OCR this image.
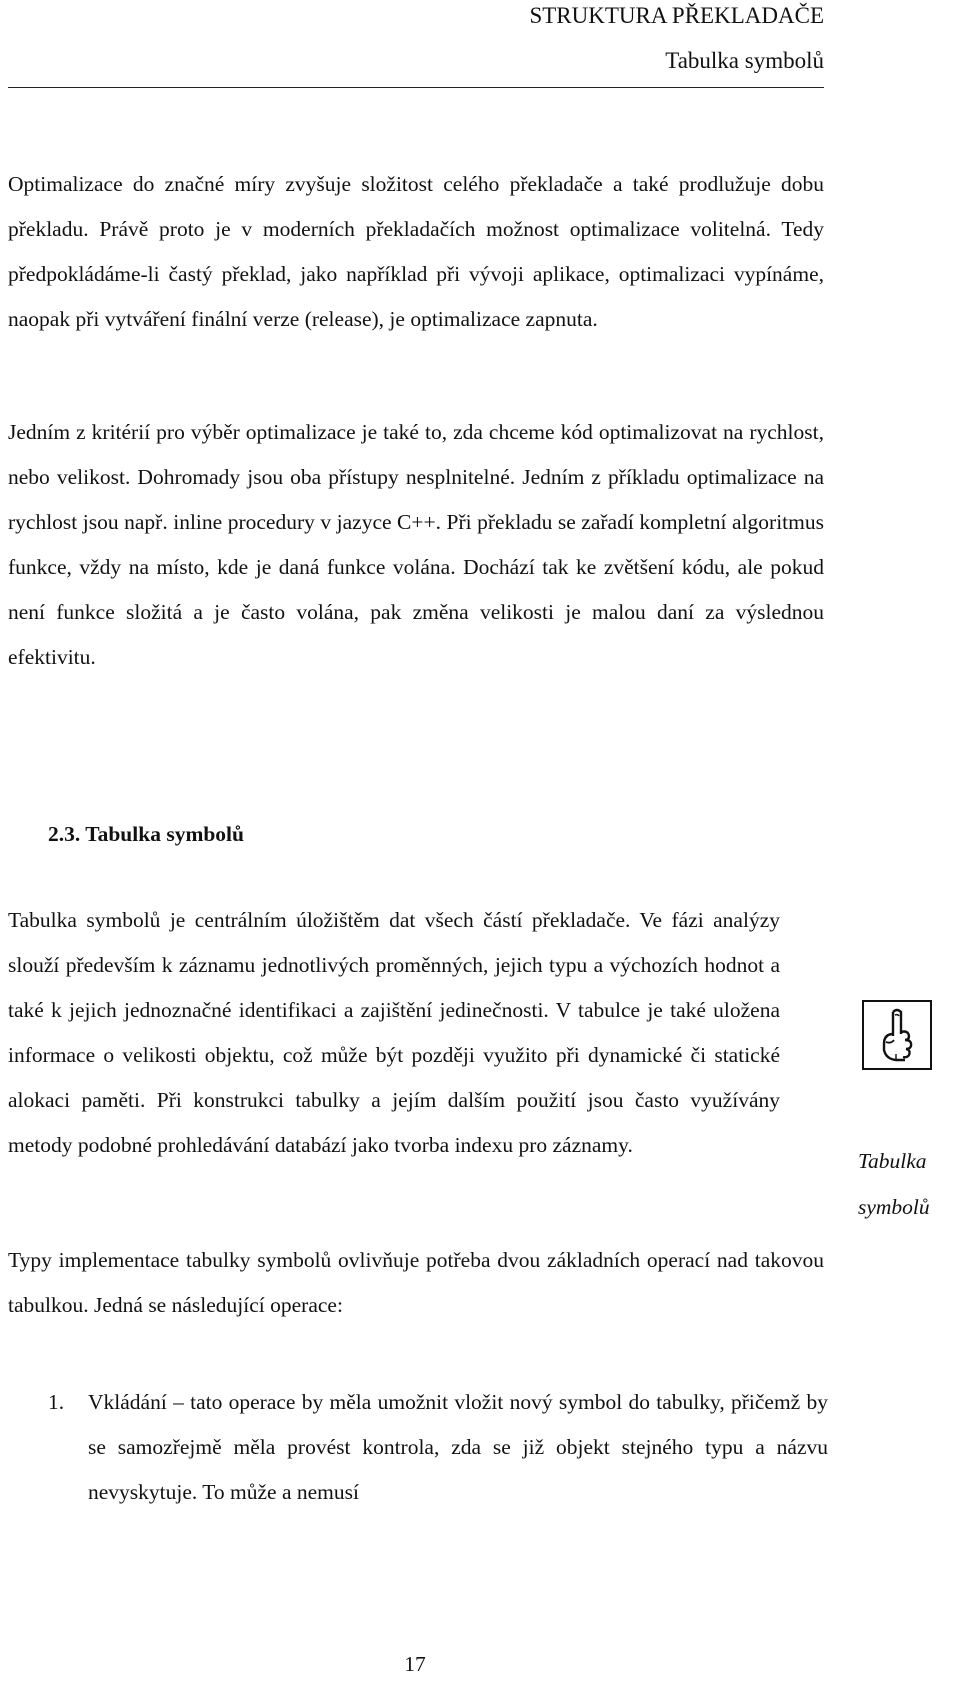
STRUKTURA PŘEKLADAČE
Tabulka symbolů

Optimalizace do značné míry zvyšuje složitost celého překladače a také prodlužuje dobu překladu. Právě proto je v moderních překladačích možnost optimalizace volitelná. Tedy předpokládáme-li častý překlad, jako například při vývoji aplikace, optimalizaci vypínáme, naopak při vytváření finální verze (release), je optimalizace zapnuta.

Jedním z kritérií pro výběr optimalizace je také to, zda chceme kód optimalizovat na rychlost, nebo velikost. Dohromady jsou oba přístupy nesplnitelné. Jedním z příkladu optimalizace na rychlost jsou např. inline procedury v jazyce C++. Při překladu se zařadí kompletní algoritmus funkce, vždy na místo, kde je daná funkce volána. Dochází tak ke zvětšení kódu, ale pokud není funkce složitá a je často volána, pak změna velikosti je malou daní za výslednou efektivitu.

2.3. Tabulka symbolů

Tabulka symbolů je centrálním úložištěm dat všech částí překladače. Ve fázi analýzy slouží především k záznamu jednotlivých proměnných, jejich typu a výchozích hodnot a také k jejich jednoznačné identifikaci a zajištění jedinečnosti. V tabulce je také uložena informace o velikosti objektu, což může být později využito při dynamické či statické alokaci paměti. Při konstrukci tabulky a jejím dalším použití jsou často využívány metody podobné prohledávání databází jako tvorba indexu pro záznamy.

Tabulka symbolů

Typy implementace tabulky symbolů ovlivňuje potřeba dvou základních operací nad takovou tabulkou. Jedná se následující operace:

1. Vkládání – tato operace by měla umožnit vložit nový symbol do tabulky, přičemž by se samozřejmě měla provést kontrola, zda se již objekt stejného typu a názvu nevyskytuje. To může a nemusí

17
